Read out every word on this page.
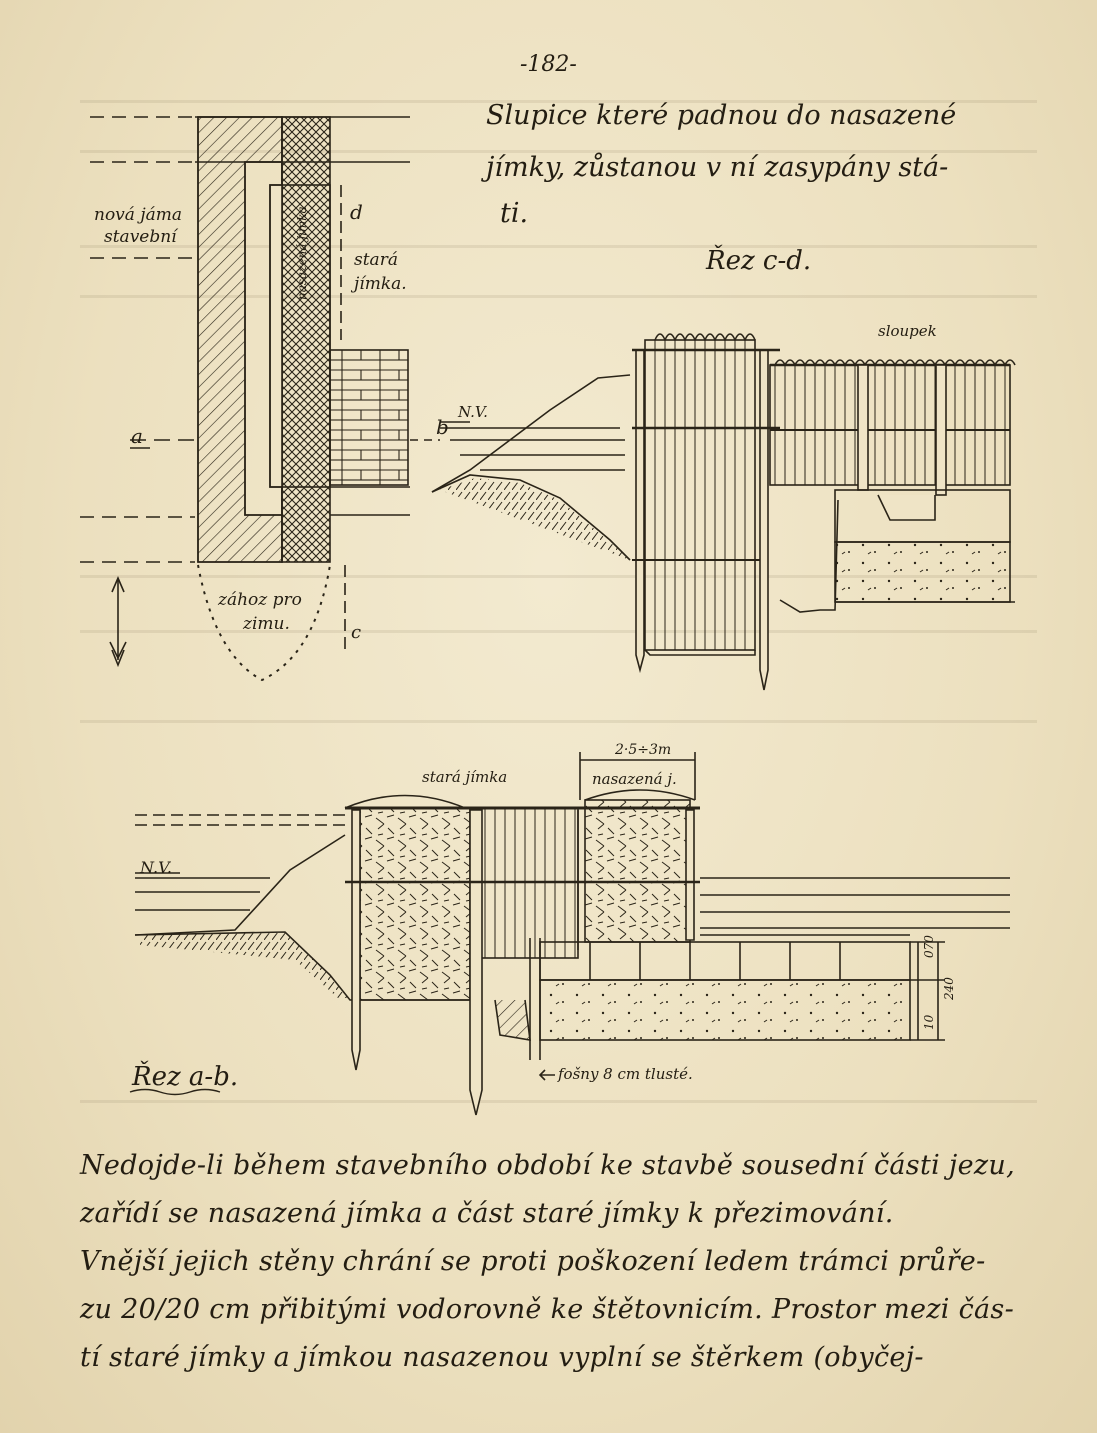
-182-
Slupice které padnou do nasazené
jímky, zůstanou v ní zasypány stá-
ti.
nová jáma
stavební
stará
jímka.
d
nasazená jímka
a	b
zához pro
zimu.	c
Řez c-d.
sloupek
N.V.
stará jímka	nasazená j.
2·5÷3m
N.V.
fošny 8 cm tlusté.
070
240
10
Řez a-b.
Nedojde-li během stavebního období ke stavbě sousední části jezu,
zařídí se nasazená jímka a část staré jímky k přezimování.
Vnější jejich stěny chrání se proti poškození ledem trámci průře-
zu 20/20 cm přibitými vodorovně ke štětovnicím. Prostor mezi čás-
tí staré jímky a jímkou nasazenou vyplní se štěrkem (obyčej-
